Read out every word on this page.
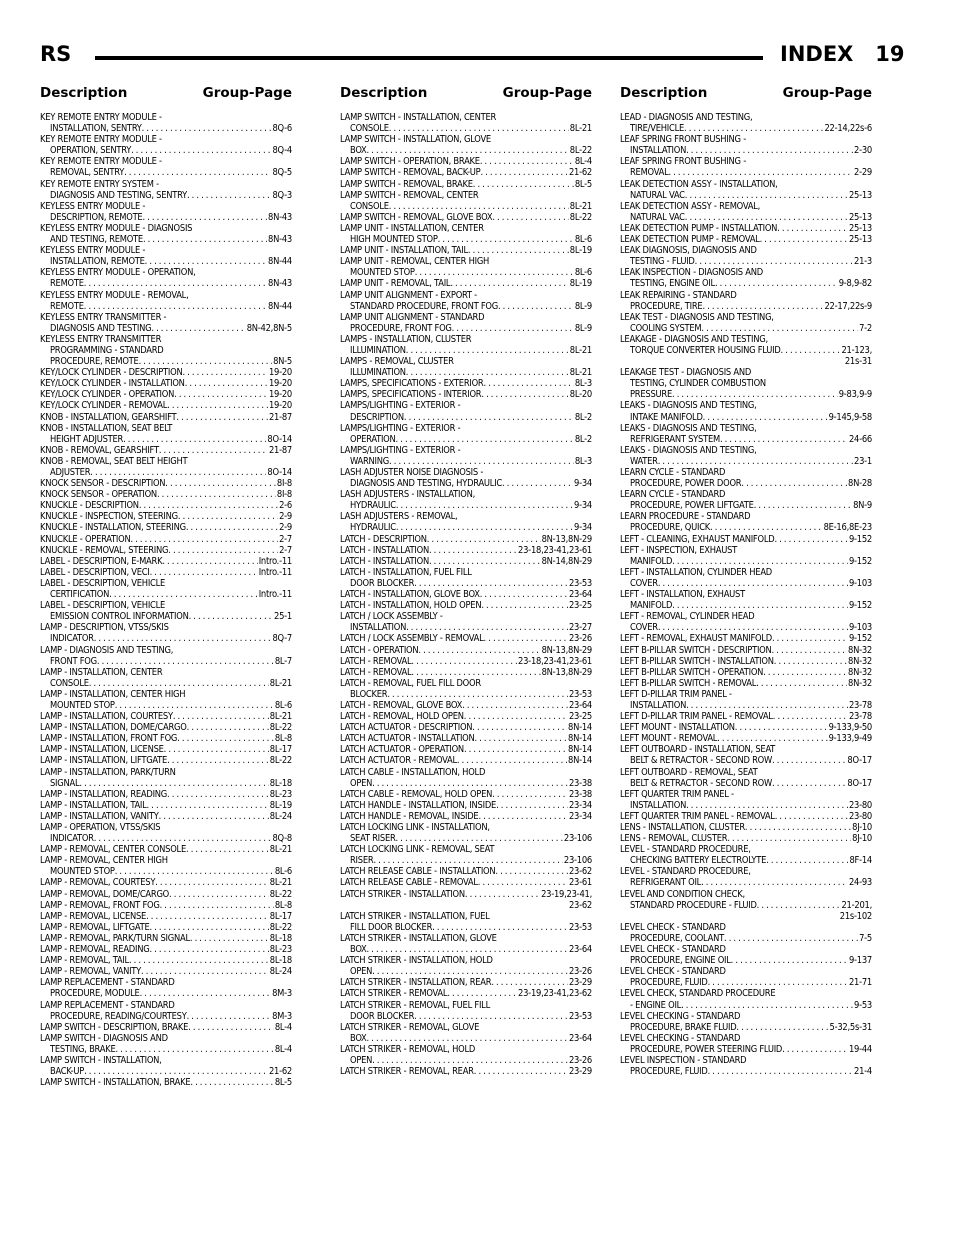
RS	INDEX 19
Description	Group-Page	Description	Group-Page Description	Group-Page
KEY REMOTE ENTRY MODULE -
INSTALLATION, SENTRY . . .	8Q-6
KEY REMOTE ENTRY MODULE -
OPERATION, SENTRY . . .	8Q-4
KEY REMOTE ENTRY MODULE -
REMOVAL, SENTRY . . .	8Q-5
KEY REMOTE ENTRY SYSTEM -
DIAGNOSIS AND TESTING, SENTRY . . .	8Q-3
KEYLESS ENTRY MODULE -
DESCRIPTION, REMOTE . . .	8N-43
KEYLESS ENTRY MODULE - DIAGNOSIS
AND TESTING, REMOTE . . .	8N-43
KEYLESS ENTRY MODULE -
INSTALLATION, REMOTE . . .	8N-44
KEYLESS ENTRY MODULE - OPERATION,
REMOTE . . .	8N-43
KEYLESS ENTRY MODULE - REMOVAL,
REMOTE . . .	8N-44
KEYLESS ENTRY TRANSMITTER -
DIAGNOSIS AND TESTING . . .	8N-42,8N-5
KEYLESS ENTRY TRANSMITTER
PROGRAMMING - STANDARD
PROCEDURE, REMOTE . . .	8N-5
KEY/LOCK CYLINDER - DESCRIPTION . . .	19-20
KEY/LOCK CYLINDER - INSTALLATION . . .	19-20
KEY/LOCK CYLINDER - OPERATION . . .	19-20
KEY/LOCK CYLINDER - REMOVAL . . .	19-20
KNOB - INSTALLATION, GEARSHIFT . . .	21-87
KNOB - INSTALLATION, SEAT BELT
HEIGHT ADJUSTER . . .	8O-14
KNOB - REMOVAL, GEARSHIFT . . .	21-87
KNOB - REMOVAL, SEAT BELT HEIGHT
ADJUSTER . . .	8O-14
KNOCK SENSOR - DESCRIPTION . . .	8I-8
KNOCK SENSOR - OPERATION . . .	8I-8
KNUCKLE - DESCRIPTION . . .	2-6
KNUCKLE - INSPECTION, STEERING . . .	2-9
KNUCKLE - INSTALLATION, STEERING . . .	2-9
KNUCKLE - OPERATION . . .	2-7
KNUCKLE - REMOVAL, STEERING . . .	2-7
LABEL - DESCRIPTION, E-MARK . . .	Intro.-11
LABEL - DESCRIPTION, VECI . . .	Intro.-11
LABEL - DESCRIPTION, VEHICLE
CERTIFICATION . . .	Intro.-11
LABEL - DESCRIPTION, VEHICLE
EMISSION CONTROL INFORMATION . . .	25-1
LAMP - DESCRIPTION, VTSS/SKIS
INDICATOR . . .	8Q-7
LAMP - DIAGNOSIS AND TESTING,
FRONT FOG . . .	8L-7
LAMP - INSTALLATION, CENTER
CONSOLE . . .	8L-21
LAMP - INSTALLATION, CENTER HIGH
MOUNTED STOP . . .	8L-6
LAMP - INSTALLATION, COURTESY . . .	8L-21
LAMP - INSTALLATION, DOME/CARGO . . .	8L-22
LAMP - INSTALLATION, FRONT FOG . . .	8L-8
LAMP - INSTALLATION, LICENSE . . .	8L-17
LAMP - INSTALLATION, LIFTGATE . . .	8L-22
LAMP - INSTALLATION, PARK/TURN
SIGNAL . . .	8L-18
LAMP - INSTALLATION, READING . . .	8L-23
LAMP - INSTALLATION, TAIL . . .	8L-19
LAMP - INSTALLATION, VANITY . . .	8L-24
LAMP - OPERATION, VTSS/SKIS
INDICATOR . . .	8Q-8
LAMP - REMOVAL, CENTER CONSOLE . . .	8L-21
LAMP - REMOVAL, CENTER HIGH
MOUNTED STOP . . .	8L-6
LAMP - REMOVAL, COURTESY . . .	8L-21
LAMP - REMOVAL, DOME/CARGO . . .	8L-22
LAMP - REMOVAL, FRONT FOG . . .	8L-8
LAMP - REMOVAL, LICENSE . . .	8L-17
LAMP - REMOVAL, LIFTGATE . . .	8L-22
LAMP - REMOVAL, PARK/TURN SIGNAL . . .	8L-18
LAMP - REMOVAL, READING . . .	8L-23
LAMP - REMOVAL, TAIL . . .	8L-18
LAMP - REMOVAL, VANITY . . .	8L-24
LAMP REPLACEMENT - STANDARD
PROCEDURE, MODULE . . .	8M-3
LAMP REPLACEMENT - STANDARD
PROCEDURE, READING/COURTESY . . .	8M-3
LAMP SWITCH - DESCRIPTION, BRAKE . . .	8L-4
LAMP SWITCH - DIAGNOSIS AND
TESTING, BRAKE . . .	8L-4
LAMP SWITCH - INSTALLATION,
BACK-UP . . .	21-62
LAMP SWITCH - INSTALLATION, BRAKE . . .	8L-5
LAMP SWITCH - INSTALLATION, CENTER
CONSOLE . . .	8L-21
LAMP SWITCH - INSTALLATION, GLOVE
BOX . . .	8L-22
LAMP SWITCH - OPERATION, BRAKE . . .	8L-4
LAMP SWITCH - REMOVAL, BACK-UP . . .	21-62
LAMP SWITCH - REMOVAL, BRAKE . . .	8L-5
LAMP SWITCH - REMOVAL, CENTER
CONSOLE . . .	8L-21
LAMP SWITCH - REMOVAL, GLOVE BOX . . .	8L-22
LAMP UNIT - INSTALLATION, CENTER
HIGH MOUNTED STOP . . .	8L-6
LAMP UNIT - INSTALLATION, TAIL . . .	8L-19
LAMP UNIT - REMOVAL, CENTER HIGH
MOUNTED STOP . . .	8L-6
LAMP UNIT - REMOVAL, TAIL . . .	8L-19
LAMP UNIT ALIGNMENT - EXPORT -
STANDARD PROCEDURE, FRONT FOG . . .	8L-9
LAMP UNIT ALIGNMENT - STANDARD
PROCEDURE, FRONT FOG . . .	8L-9
LAMPS - INSTALLATION, CLUSTER
ILLUMINATION . . .	8L-21
LAMPS - REMOVAL, CLUSTER
ILLUMINATION . . .	8L-21
LAMPS, SPECIFICATIONS - EXTERIOR . . .	8L-3
LAMPS, SPECIFICATIONS - INTERIOR . . .	8L-20
LAMPS/LIGHTING - EXTERIOR -
DESCRIPTION . . .	8L-2
LAMPS/LIGHTING - EXTERIOR -
OPERATION . . .	8L-2
LAMPS/LIGHTING - EXTERIOR -
WARNING . . .	8L-3
LASH ADJUSTER NOISE DIAGNOSIS -
DIAGNOSIS AND TESTING, HYDRAULIC . . .	9-34
LASH ADJUSTERS - INSTALLATION,
HYDRAULIC . . .	9-34
LASH ADJUSTERS - REMOVAL,
HYDRAULIC . . .	9-34
LATCH - DESCRIPTION . . .	8N-13,8N-29
LATCH - INSTALLATION . . .	23-18,23-41,23-61
LATCH - INSTALLATION . . .	8N-14,8N-29
LATCH - INSTALLATION, FUEL FILL
DOOR BLOCKER . . .	23-53
LATCH - INSTALLATION, GLOVE BOX . . .	23-64
LATCH - INSTALLATION, HOLD OPEN . . .	23-25
LATCH / LOCK ASSEMBLY -
INSTALLATION . . .	23-27
LATCH / LOCK ASSEMBLY - REMOVAL . . .	23-26
LATCH - OPERATION . . .	8N-13,8N-29
LATCH - REMOVAL . . .	23-18,23-41,23-61
LATCH - REMOVAL . . .	8N-13,8N-29
LATCH - REMOVAL, FUEL FILL DOOR
BLOCKER . . .	23-53
LATCH - REMOVAL, GLOVE BOX . . .	23-64
LATCH - REMOVAL, HOLD OPEN . . .	23-25
LATCH ACTUATOR - DESCRIPTION . . .	8N-14
LATCH ACTUATOR - INSTALLATION . . .	8N-14
LATCH ACTUATOR - OPERATION . . .	8N-14
LATCH ACTUATOR - REMOVAL . . .	8N-14
LATCH CABLE - INSTALLATION, HOLD
OPEN . . .	23-38
LATCH CABLE - REMOVAL, HOLD OPEN . . .	23-38
LATCH HANDLE - INSTALLATION, INSIDE . . .	23-34
LATCH HANDLE - REMOVAL, INSIDE . . .	23-34
LATCH LOCKING LINK - INSTALLATION,
SEAT RISER . . .	23-106
LATCH LOCKING LINK - REMOVAL, SEAT
RISER . . .	23-106
LATCH RELEASE CABLE - INSTALLATION . . .	23-62
LATCH RELEASE CABLE - REMOVAL . . .	23-61
LATCH STRIKER - INSTALLATION . . .	23-19,23-41,
23-62
LATCH STRIKER - INSTALLATION, FUEL
FILL DOOR BLOCKER . . .	23-53
LATCH STRIKER - INSTALLATION, GLOVE
BOX . . .	23-64
LATCH STRIKER - INSTALLATION, HOLD
OPEN . . .	23-26
LATCH STRIKER - INSTALLATION, REAR . . .	23-29
LATCH STRIKER - REMOVAL . . .	23-19,23-41,23-62
LATCH STRIKER - REMOVAL, FUEL FILL
DOOR BLOCKER . . .	23-53
LATCH STRIKER - REMOVAL, GLOVE
BOX . . .	23-64
LATCH STRIKER - REMOVAL, HOLD
OPEN . . .	23-26
LATCH STRIKER - REMOVAL, REAR . . .	23-29
LEAD - DIAGNOSIS AND TESTING,
TIRE/VEHICLE . . .	22-14,22s-6
LEAF SPRING FRONT BUSHING -
INSTALLATION . . .	2-30
LEAF SPRING FRONT BUSHING -
REMOVAL . . .	2-29
LEAK DETECTION ASSY - INSTALLATION,
NATURAL VAC . . .	25-13
LEAK DETECTION ASSY - REMOVAL,
NATURAL VAC . . .	25-13
LEAK DETECTION PUMP - INSTALLATION . . .	25-13
LEAK DETECTION PUMP - REMOVAL . . .	25-13
LEAK DIAGNOSIS, DIAGNOSIS AND
TESTING - FLUID . . .	21-3
LEAK INSPECTION - DIAGNOSIS AND
TESTING, ENGINE OIL . . .	9-8,9-82
LEAK REPAIRING - STANDARD
PROCEDURE, TIRE . . .	22-17,22s-9
LEAK TEST - DIAGNOSIS AND TESTING,
COOLING SYSTEM . . .	7-2
LEAKAGE - DIAGNOSIS AND TESTING,
TORQUE CONVERTER HOUSING FLUID . . .	21-123,
21s-31
LEAKAGE TEST - DIAGNOSIS AND
TESTING, CYLINDER COMBUSTION
PRESSURE . . .	9-83,9-9
LEAKS - DIAGNOSIS AND TESTING,
INTAKE MANIFOLD . . .	9-145,9-58
LEAKS - DIAGNOSIS AND TESTING,
REFRIGERANT SYSTEM . . .	24-66
LEAKS - DIAGNOSIS AND TESTING,
WATER . . .	23-1
LEARN CYCLE - STANDARD
PROCEDURE, POWER DOOR . . .	8N-28
LEARN CYCLE - STANDARD
PROCEDURE, POWER LIFTGATE . . .	8N-9
LEARN PROCEDURE - STANDARD
PROCEDURE, QUICK . . .	8E-16,8E-23
LEFT - CLEANING, EXHAUST MANIFOLD . . .	9-152
LEFT - INSPECTION, EXHAUST
MANIFOLD . . .	9-152
LEFT - INSTALLATION, CYLINDER HEAD
COVER . . .	9-103
LEFT - INSTALLATION, EXHAUST
MANIFOLD . . .	9-152
LEFT - REMOVAL, CYLINDER HEAD
COVER . . .	9-103
LEFT - REMOVAL, EXHAUST MANIFOLD . . .	9-152
LEFT B-PILLAR SWITCH - DESCRIPTION . . .	8N-32
LEFT B-PILLAR SWITCH - INSTALLATION . . .	8N-32
LEFT B-PILLAR SWITCH - OPERATION . . .	8N-32
LEFT B-PILLAR SWITCH - REMOVAL . . .	8N-32
LEFT D-PILLAR TRIM PANEL -
INSTALLATION . . .	23-78
LEFT D-PILLAR TRIM PANEL - REMOVAL . . .	23-78
LEFT MOUNT - INSTALLATION . . .	9-133,9-50
LEFT MOUNT - REMOVAL . . .	9-133,9-49
LEFT OUTBOARD - INSTALLATION, SEAT
BELT & RETRACTOR - SECOND ROW . . .	8O-17
LEFT OUTBOARD - REMOVAL, SEAT
BELT & RETRACTOR - SECOND ROW . . .	8O-17
LEFT QUARTER TRIM PANEL -
INSTALLATION . . .	23-80
LEFT QUARTER TRIM PANEL - REMOVAL . . .	23-80
LENS - INSTALLATION, CLUSTER . . .	8J-10
LENS - REMOVAL, CLUSTER . . .	8J-10
LEVEL - STANDARD PROCEDURE,
CHECKING BATTERY ELECTROLYTE . . .	8F-14
LEVEL - STANDARD PROCEDURE,
REFRIGERANT OIL . . .	24-93
LEVEL AND CONDITION CHECK,
STANDARD PROCEDURE - FLUID . . .	21-201,
21s-102
LEVEL CHECK - STANDARD
PROCEDURE, COOLANT . . .	7-5
LEVEL CHECK - STANDARD
PROCEDURE, ENGINE OIL . . .	9-137
LEVEL CHECK - STANDARD
PROCEDURE, FLUID . . .	21-71
LEVEL CHECK, STANDARD PROCEDURE
- ENGINE OIL . . .	9-53
LEVEL CHECKING - STANDARD
PROCEDURE, BRAKE FLUID . . .	5-32,5s-31
LEVEL CHECKING - STANDARD
PROCEDURE, POWER STEERING FLUID . . .	19-44
LEVEL INSPECTION - STANDARD
PROCEDURE, FLUID . . .	21-4
